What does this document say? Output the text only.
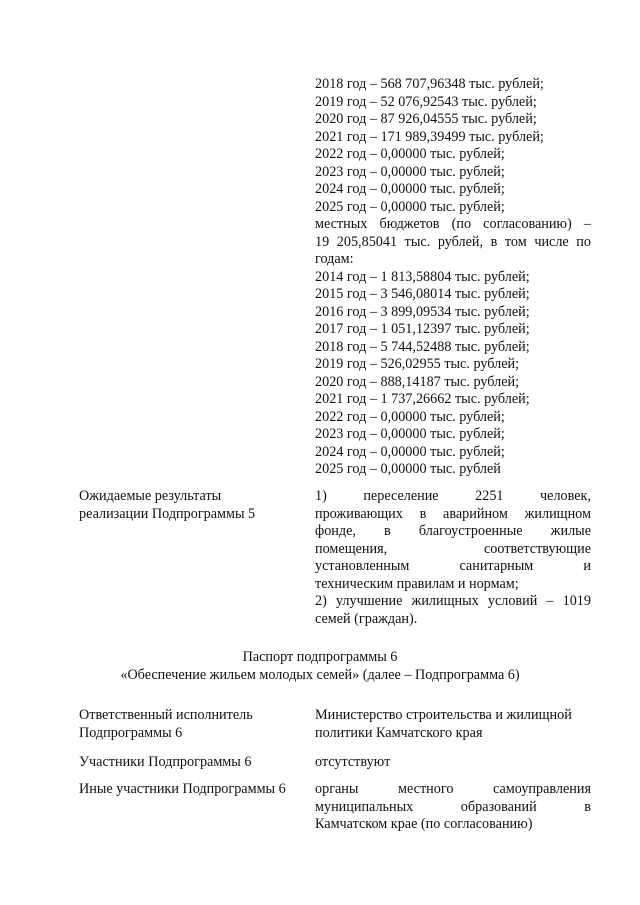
2018 год – 568 707,96348 тыс. рублей;
2019 год – 52 076,92543 тыс. рублей;
2020 год – 87 926,04555 тыс. рублей;
2021 год – 171 989,39499 тыс. рублей;
2022 год – 0,00000 тыс. рублей;
2023 год – 0,00000 тыс. рублей;
2024 год – 0,00000 тыс. рублей;
2025 год – 0,00000 тыс. рублей;
местных бюджетов (по согласованию) –
19 205,85041 тыс. рублей, в том числе по
годам:
2014 год – 1 813,58804 тыс. рублей;
2015 год – 3 546,08014 тыс. рублей;
2016 год – 3 899,09534 тыс. рублей;
2017 год – 1 051,12397 тыс. рублей;
2018 год – 5 744,52488 тыс. рублей;
2019 год – 526,02955 тыс. рублей;
2020 год – 888,14187 тыс. рублей;
2021 год – 1 737,26662 тыс. рублей;
2022 год – 0,00000 тыс. рублей;
2023 год – 0,00000 тыс. рублей;
2024 год – 0,00000 тыс. рублей;
2025 год – 0,00000 тыс. рублей
Ожидаемые результаты
реализации Подпрограммы 5
1) переселение 2251 человек,
проживающих в аварийном жилищном
фонде, в благоустроенные жилые
помещения, соответствующие
установленным санитарным и
техническим правилам и нормам;
2) улучшение жилищных условий – 1019
семей (граждан).
Паспорт подпрограммы 6
«Обеспечение жильем молодых семей» (далее – Подпрограмма 6)
Ответственный исполнитель
Подпрограммы 6
Министерство строительства и жилищной
политики Камчатского края
Участники Подпрограммы 6	отсутствуют
Иные участники Подпрограммы 6	органы местного самоуправления
муниципальных образований в
Камчатском крае (по согласованию)
